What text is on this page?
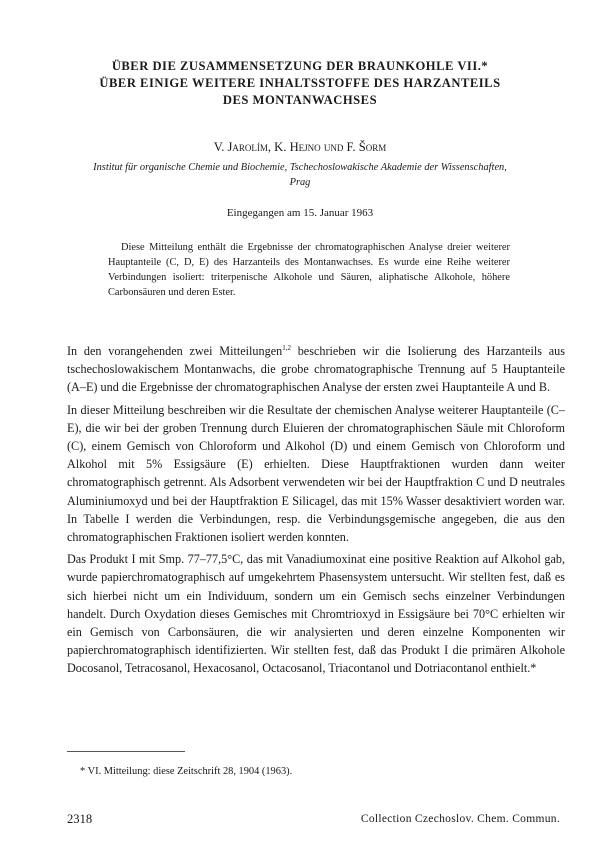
ÜBER DIE ZUSAMMENSETZUNG DER BRAUNKOHLE VII.*
ÜBER EINIGE WEITERE INHALTSSTOFFE DES HARZANTEILS
DES MONTANWACHSES
V. Jarolím, K. Hejno und F. Šorm
Institut für organische Chemie und Biochemie, Tschechoslowakische Akademie der Wissenschaften,
Prag
Eingegangen am 15. Januar 1963
Diese Mitteilung enthält die Ergebnisse der chromatographischen Analyse dreier weiterer Hauptanteile (C, D, E) des Harzanteils des Montanwachses. Es wurde eine Reihe weiterer Verbindungen isoliert: triterpenische Alkohole und Säuren, aliphatische Alkohole, höhere Carbonsäuren und deren Ester.

In den vorangehenden zwei Mitteilungen$^{1,2}$ beschrieben wir die Isolierung des Harzanteils aus tschechoslowakischem Montanwachs, die grobe chromatographische Trennung auf 5 Hauptanteile (A–E) und die Ergebnisse der chromatographischen Analyse der ersten zwei Hauptanteile A und B.

In dieser Mitteilung beschreiben wir die Resultate der chemischen Analyse weiterer Hauptanteile (C–E), die wir bei der groben Trennung durch Eluieren der chromatographischen Säule mit Chloroform (C), einem Gemisch von Chloroform und Alkohol (D) und einem Gemisch von Chloroform und Alkohol mit 5% Essigsäure (E) erhielten. Diese Hauptfraktionen wurden dann weiter chromatographisch getrennt. Als Adsorbent verwendeten wir bei der Hauptfraktion C und D neutrales Aluminiumoxyd und bei der Hauptfraktion E Silicagel, das mit 15% Wasser desaktiviert worden war. In Tabelle I werden die Verbindungen, resp. die Verbindungsgemische angegeben, die aus den chromatographischen Fraktionen isoliert werden konnten.

Das Produkt I mit Smp. 77–77,5°C, das mit Vanadiumoxinat eine positive Reaktion auf Alkohol gab, wurde papierchromatographisch auf umgekehrtem Phasensystem untersucht. Wir stellten fest, daß es sich hierbei nicht um ein Individuum, sondern um ein Gemisch sechs einzelner Verbindungen handelt. Durch Oxydation dieses Gemisches mit Chromtrioxyd in Essigsäure bei 70°C erhielten wir ein Gemisch von Carbonsäuren, die wir analysierten und deren einzelne Komponenten wir papierchromatographisch identifizierten. Wir stellten fest, daß das Produkt I die primären Alkohole Docosanol, Tetracosanol, Hexacosanol, Octacosanol, Triacontanol und Dotriacontanol enthielt.*

* VI. Mitteilung: diese Zeitschrift 28, 1904 (1963).
2318	Collection Czechoslov. Chem. Commun.
